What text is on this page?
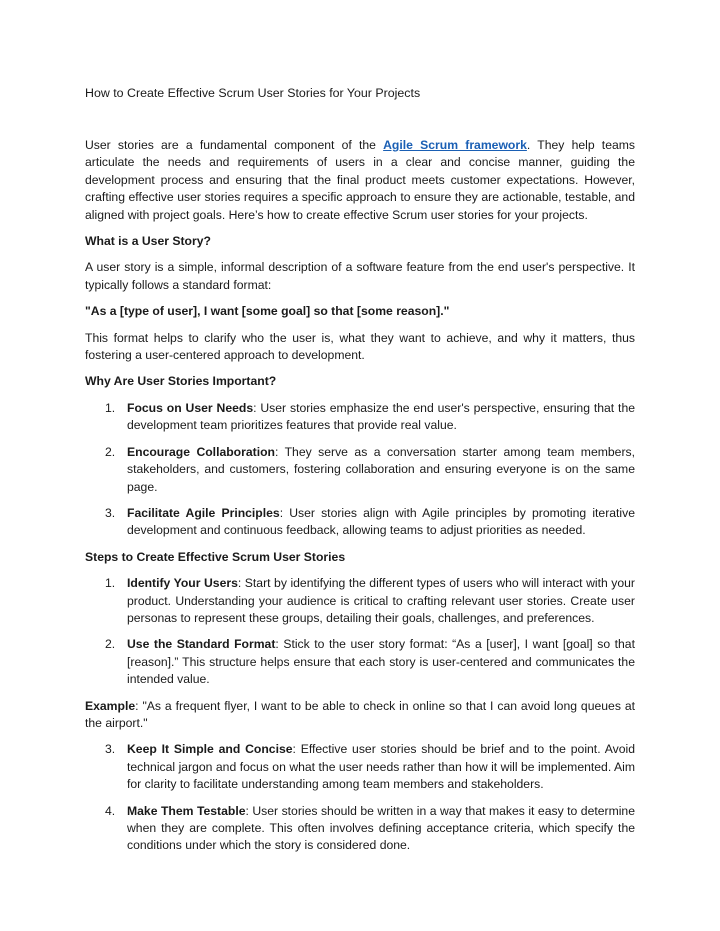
How to Create Effective Scrum User Stories for Your Projects

User stories are a fundamental component of the Agile Scrum framework. They help teams articulate the needs and requirements of users in a clear and concise manner, guiding the development process and ensuring that the final product meets customer expectations. However, crafting effective user stories requires a specific approach to ensure they are actionable, testable, and aligned with project goals. Here’s how to create effective Scrum user stories for your projects.

What is a User Story?

A user story is a simple, informal description of a software feature from the end user's perspective. It typically follows a standard format:

"As a [type of user], I want [some goal] so that [some reason]."

This format helps to clarify who the user is, what they want to achieve, and why it matters, thus fostering a user-centered approach to development.

Why Are User Stories Important?

1. Focus on User Needs: User stories emphasize the end user's perspective, ensuring that the development team prioritizes features that provide real value.
2. Encourage Collaboration: They serve as a conversation starter among team members, stakeholders, and customers, fostering collaboration and ensuring everyone is on the same page.
3. Facilitate Agile Principles: User stories align with Agile principles by promoting iterative development and continuous feedback, allowing teams to adjust priorities as needed.

Steps to Create Effective Scrum User Stories

1. Identify Your Users: Start by identifying the different types of users who will interact with your product. Understanding your audience is critical to crafting relevant user stories. Create user personas to represent these groups, detailing their goals, challenges, and preferences.
2. Use the Standard Format: Stick to the user story format: “As a [user], I want [goal] so that [reason].” This structure helps ensure that each story is user-centered and communicates the intended value.

Example: "As a frequent flyer, I want to be able to check in online so that I can avoid long queues at the airport."

3. Keep It Simple and Concise: Effective user stories should be brief and to the point. Avoid technical jargon and focus on what the user needs rather than how it will be implemented. Aim for clarity to facilitate understanding among team members and stakeholders.
4. Make Them Testable: User stories should be written in a way that makes it easy to determine when they are complete. This often involves defining acceptance criteria, which specify the conditions under which the story is considered done.
